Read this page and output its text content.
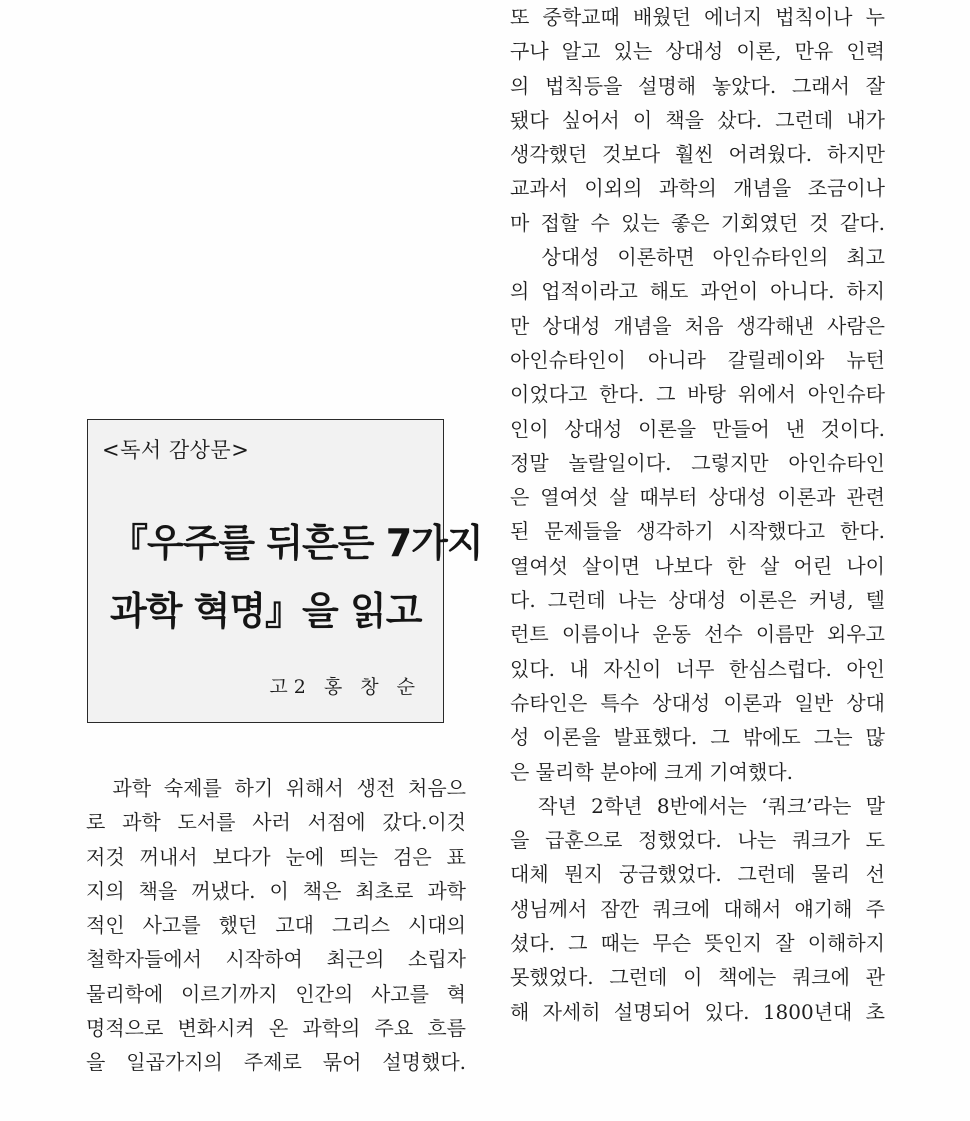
<독서 감상문>
『우주를 뒤흔든 7가지
과학 혁명』을 읽고
고2 홍 창 순
　과학 숙제를 하기 위해서 생전 처음으
로 과학 도서를 사러 서점에 갔다.이것
저것 꺼내서 보다가 눈에 띄는 검은 표
지의 책을 꺼냈다. 이 책은 최초로 과학
적인 사고를 했던 고대 그리스 시대의
철학자들에서 시작하여 최근의 소립자
물리학에 이르기까지 인간의 사고를 혁
명적으로 변화시켜 온 과학의 주요 흐름
을 일곱가지의 주제로 묶어 설명했다.
또 중학교때 배웠던 에너지 법칙이나 누
구나 알고 있는 상대성 이론, 만유 인력
의 법칙등을 설명해 놓았다. 그래서 잘
됐다 싶어서 이 책을 샀다. 그런데 내가
생각했던 것보다 훨씬 어려웠다. 하지만
교과서 이외의 과학의 개념을 조금이나
마 접할 수 있는 좋은 기회였던 것 같다.
　상대성 이론하면 아인슈타인의 최고
의 업적이라고 해도 과언이 아니다. 하지
만 상대성 개념을 처음 생각해낸 사람은
아인슈타인이 아니라 갈릴레이와 뉴턴
이었다고 한다. 그 바탕 위에서 아인슈타
인이 상대성 이론을 만들어 낸 것이다.
정말 놀랄일이다. 그렇지만 아인슈타인
은 열여섯 살 때부터 상대성 이론과 관련
된 문제들을 생각하기 시작했다고 한다.
열여섯 살이면 나보다 한 살 어린 나이
다. 그런데 나는 상대성 이론은 커녕, 텔
런트 이름이나 운동 선수 이름만 외우고
있다. 내 자신이 너무 한심스럽다. 아인
슈타인은 특수 상대성 이론과 일반 상대
성 이론을 발표했다. 그 밖에도 그는 많
은 물리학 분야에 크게 기여했다.
　작년 2학년 8반에서는 ‘쿼크’라는 말
을 급훈으로 정했었다. 나는 쿼크가 도
대체 뭔지 궁금했었다. 그런데 물리 선
생님께서 잠깐 쿼크에 대해서 얘기해 주
셨다. 그 때는 무슨 뜻인지 잘 이해하지
못했었다. 그런데 이 책에는 쿼크에 관
해 자세히 설명되어 있다. 1800년대 초
